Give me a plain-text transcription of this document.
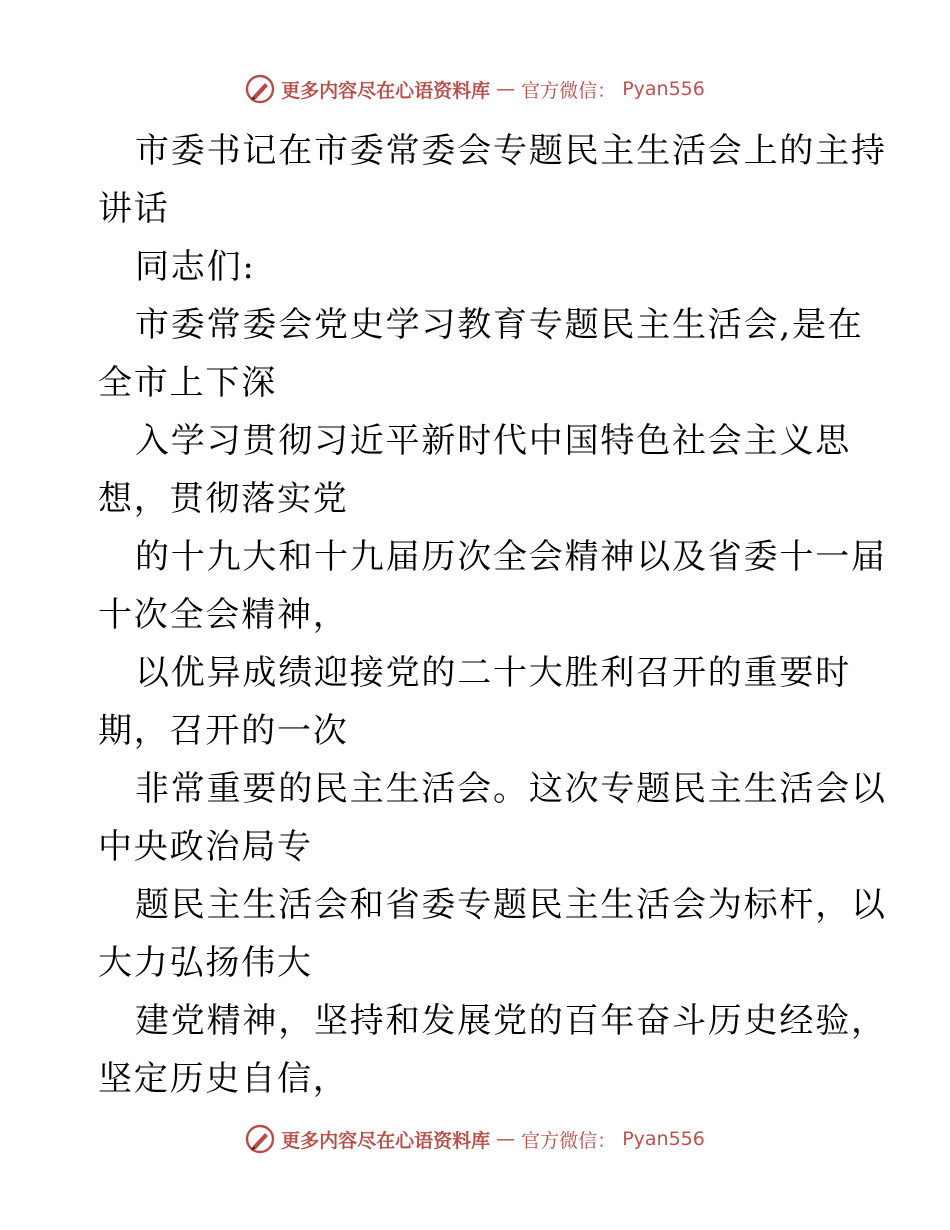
更多内容尽在心语资料库 — 官方微信： Pyan556
市委书记在市委常委会专题民主生活会上的主持
讲话
同志们:
市委常委会党史学习教育专题民主生活会,是在
全市上下深
入学习贯彻习近平新时代中国特色社会主义思
想，贯彻落实党
的十九大和十九届历次全会精神以及省委十一届
十次全会精神，
以优异成绩迎接党的二十大胜利召开的重要时
期，召开的一次
非常重要的民主生活会。这次专题民主生活会以
中央政治局专
题民主生活会和省委专题民主生活会为标杆，以
大力弘扬伟大
建党精神，坚持和发展党的百年奋斗历史经验，
坚定历史自信，
更多内容尽在心语资料库 — 官方微信： Pyan556
